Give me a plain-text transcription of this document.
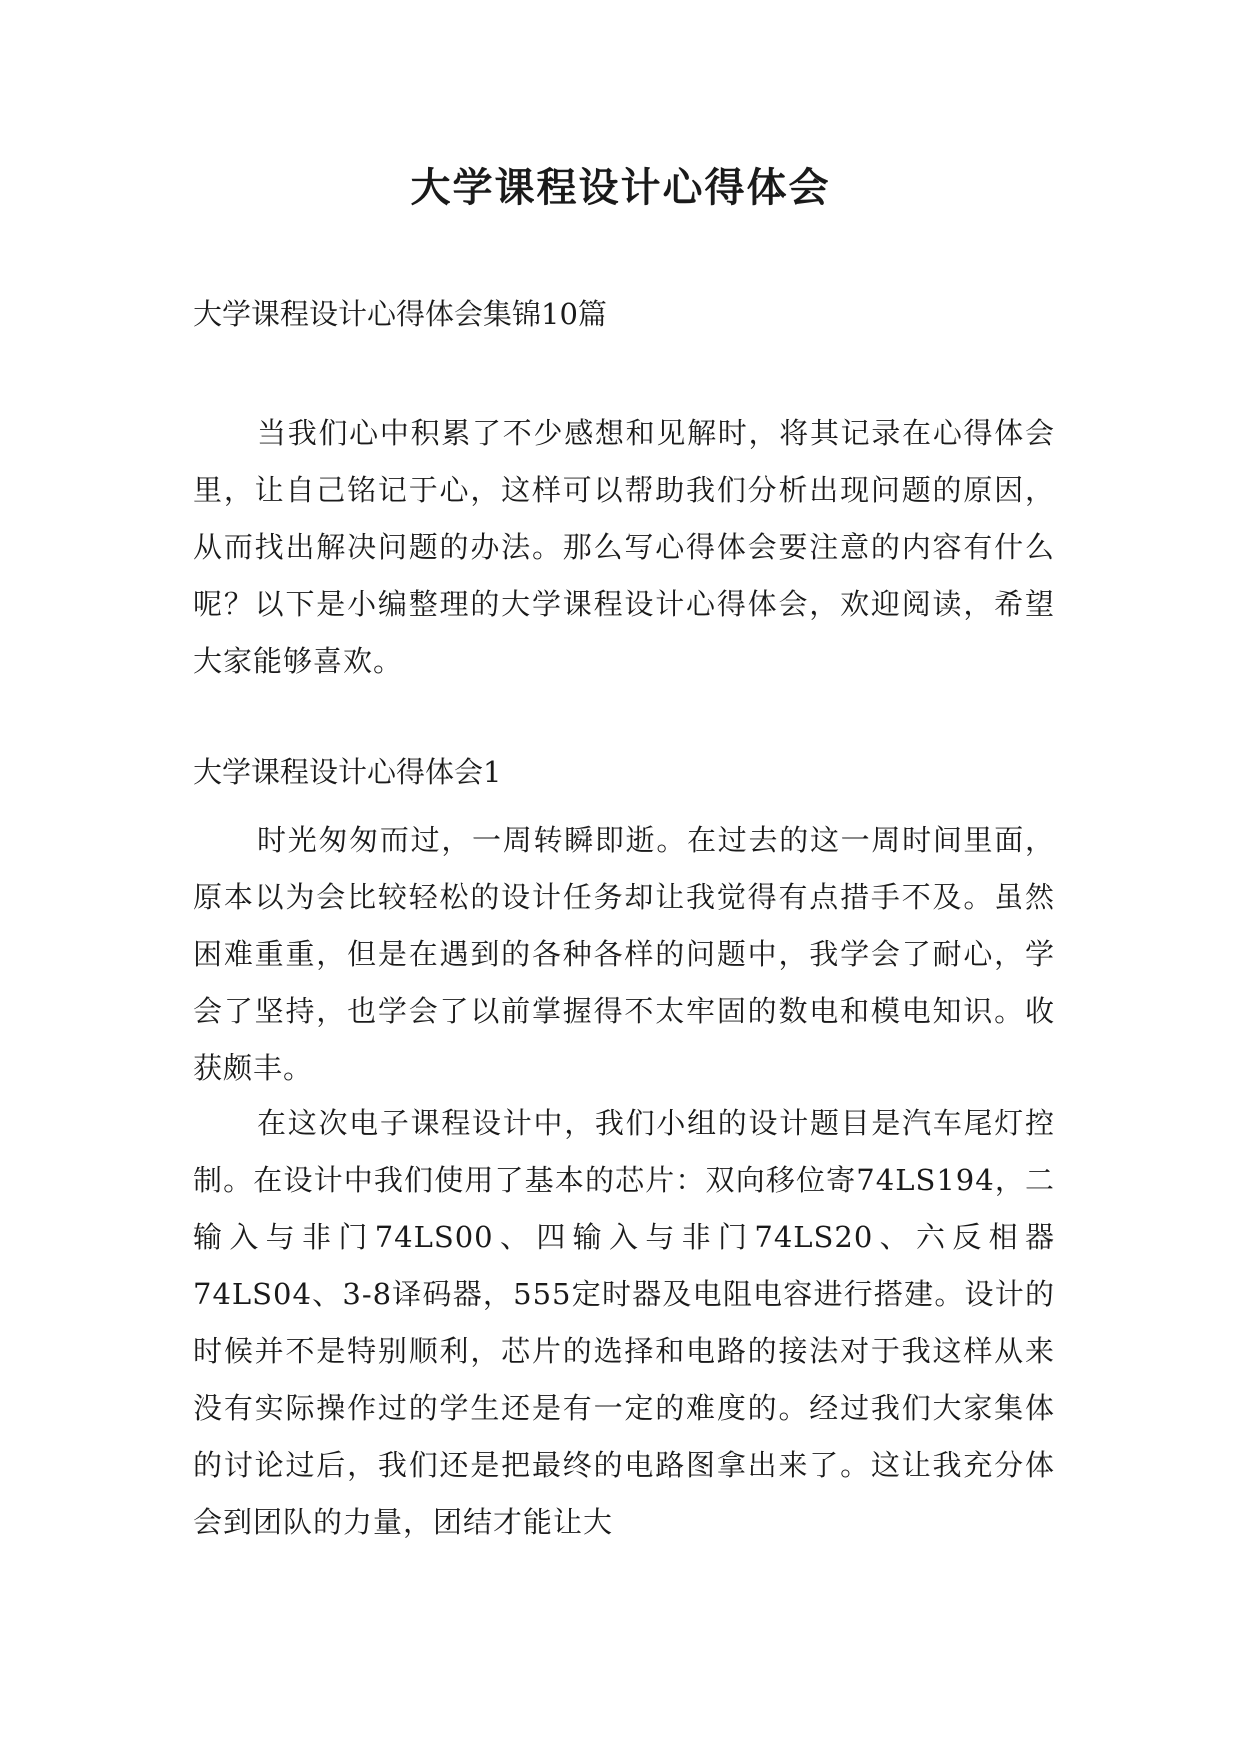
大学课程设计心得体会

大学课程设计心得体会集锦10篇

当我们心中积累了不少感想和见解时，将其记录在心得体会里，让自己铭记于心，这样可以帮助我们分析出现问题的原因，从而找出解决问题的办法。那么写心得体会要注意的内容有什么呢？以下是小编整理的大学课程设计心得体会，欢迎阅读，希望大家能够喜欢。

大学课程设计心得体会1

时光匆匆而过，一周转瞬即逝。在过去的这一周时间里面，原本以为会比较轻松的设计任务却让我觉得有点措手不及。虽然困难重重，但是在遇到的各种各样的问题中，我学会了耐心，学会了坚持，也学会了以前掌握得不太牢固的数电和模电知识。收获颇丰。

在这次电子课程设计中，我们小组的设计题目是汽车尾灯控制。在设计中我们使用了基本的芯片：双向移位寄74LS194，二输入与非门74LS00、四输入与非门74LS20、六反相器74LS04、3-8译码器，555定时器及电阻电容进行搭建。设计的时候并不是特别顺利，芯片的选择和电路的接法对于我这样从来没有实际操作过的学生还是有一定的难度的。经过我们大家集体的讨论过后，我们还是把最终的电路图拿出来了。这让我充分体会到团队的力量，团结才能让大
